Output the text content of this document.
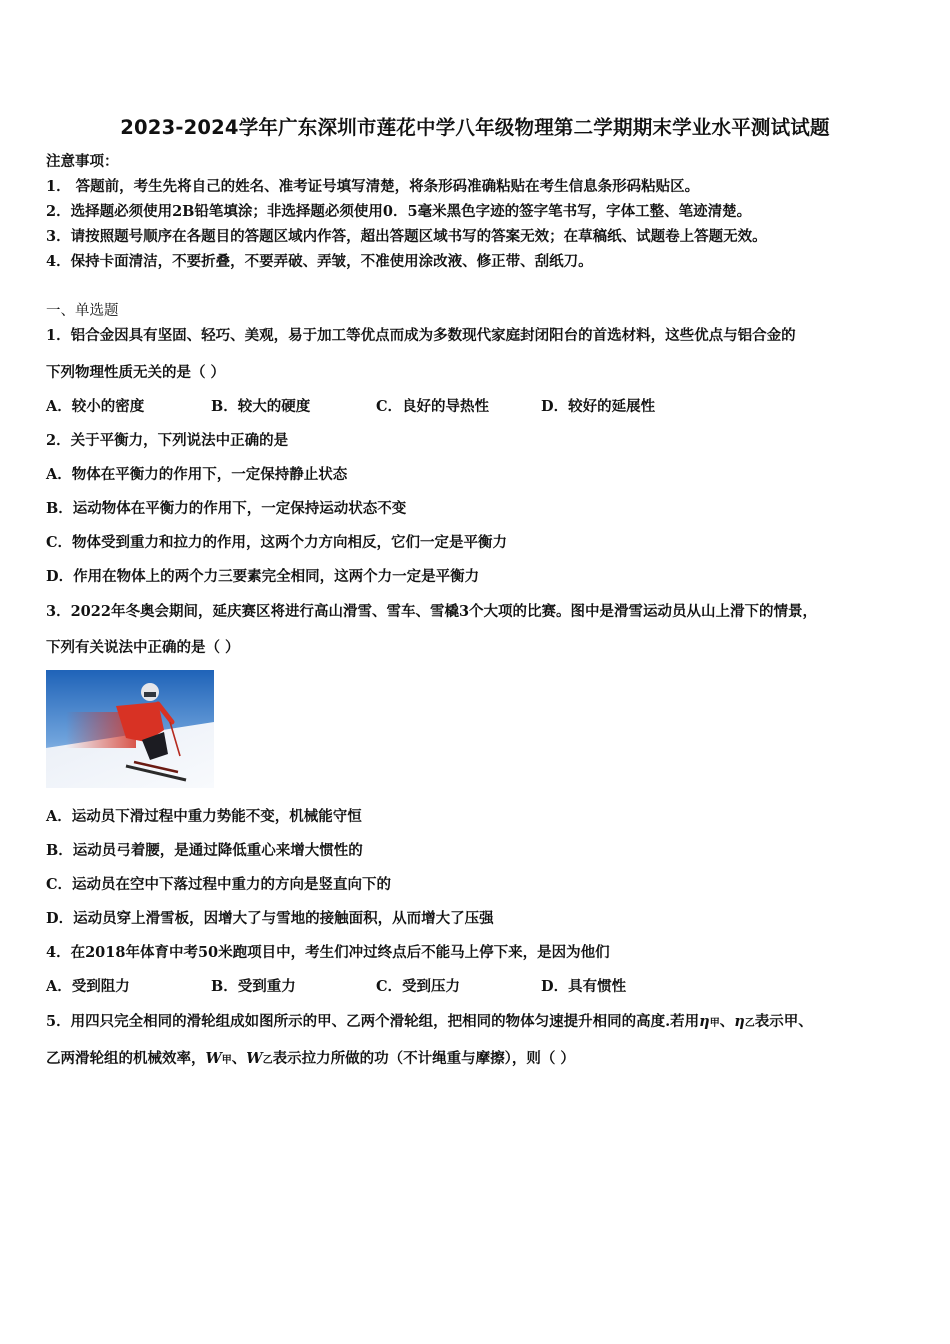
2023-2024学年广东深圳市莲花中学八年级物理第二学期期末学业水平测试试题
注意事项：
1． 答题前，考生先将自己的姓名、准考证号填写清楚，将条形码准确粘贴在考生信息条形码粘贴区。
2．选择题必须使用2B铅笔填涂；非选择题必须使用0．5毫米黑色字迹的签字笔书写，字体工整、笔迹清楚。
3．请按照题号顺序在各题目的答题区域内作答，超出答题区域书写的答案无效；在草稿纸、试题卷上答题无效。
4．保持卡面清洁，不要折叠，不要弄破、弄皱，不准使用涂改液、修正带、刮纸刀。
一、单选题
1．铝合金因具有坚固、轻巧、美观，易于加工等优点而成为多数现代家庭封闭阳台的首选材料，这些优点与铝合金的
下列物理性质无关的是（ ）
A．较小的密度	B．较大的硬度	C．良好的导热性	D．较好的延展性
2．关于平衡力，下列说法中正确的是
A．物体在平衡力的作用下，一定保持静止状态
B．运动物体在平衡力的作用下，一定保持运动状态不变
C．物体受到重力和拉力的作用，这两个力方向相反，它们一定是平衡力
D．作用在物体上的两个力三要素完全相同，这两个力一定是平衡力
3．2022年冬奥会期间，延庆赛区将进行高山滑雪、雪车、雪橇3个大项的比赛。图中是滑雪运动员从山上滑下的情景，
下列有关说法中正确的是（ ）
A．运动员下滑过程中重力势能不变，机械能守恒
B．运动员弓着腰，是通过降低重心来增大惯性的
C．运动员在空中下落过程中重力的方向是竖直向下的
D．运动员穿上滑雪板，因增大了与雪地的接触面积，从而增大了压强
4．在2018年体育中考50米跑项目中，考生们冲过终点后不能马上停下来，是因为他们
A．受到阻力	B．受到重力	C．受到压力	D．具有惯性
5．用四只完全相同的滑轮组成如图所示的甲、乙两个滑轮组，把相同的物体匀速提升相同的高度.若用η甲、η乙表示甲、
乙两滑轮组的机械效率，W甲、W乙表示拉力所做的功（不计绳重与摩擦），则（ ）
